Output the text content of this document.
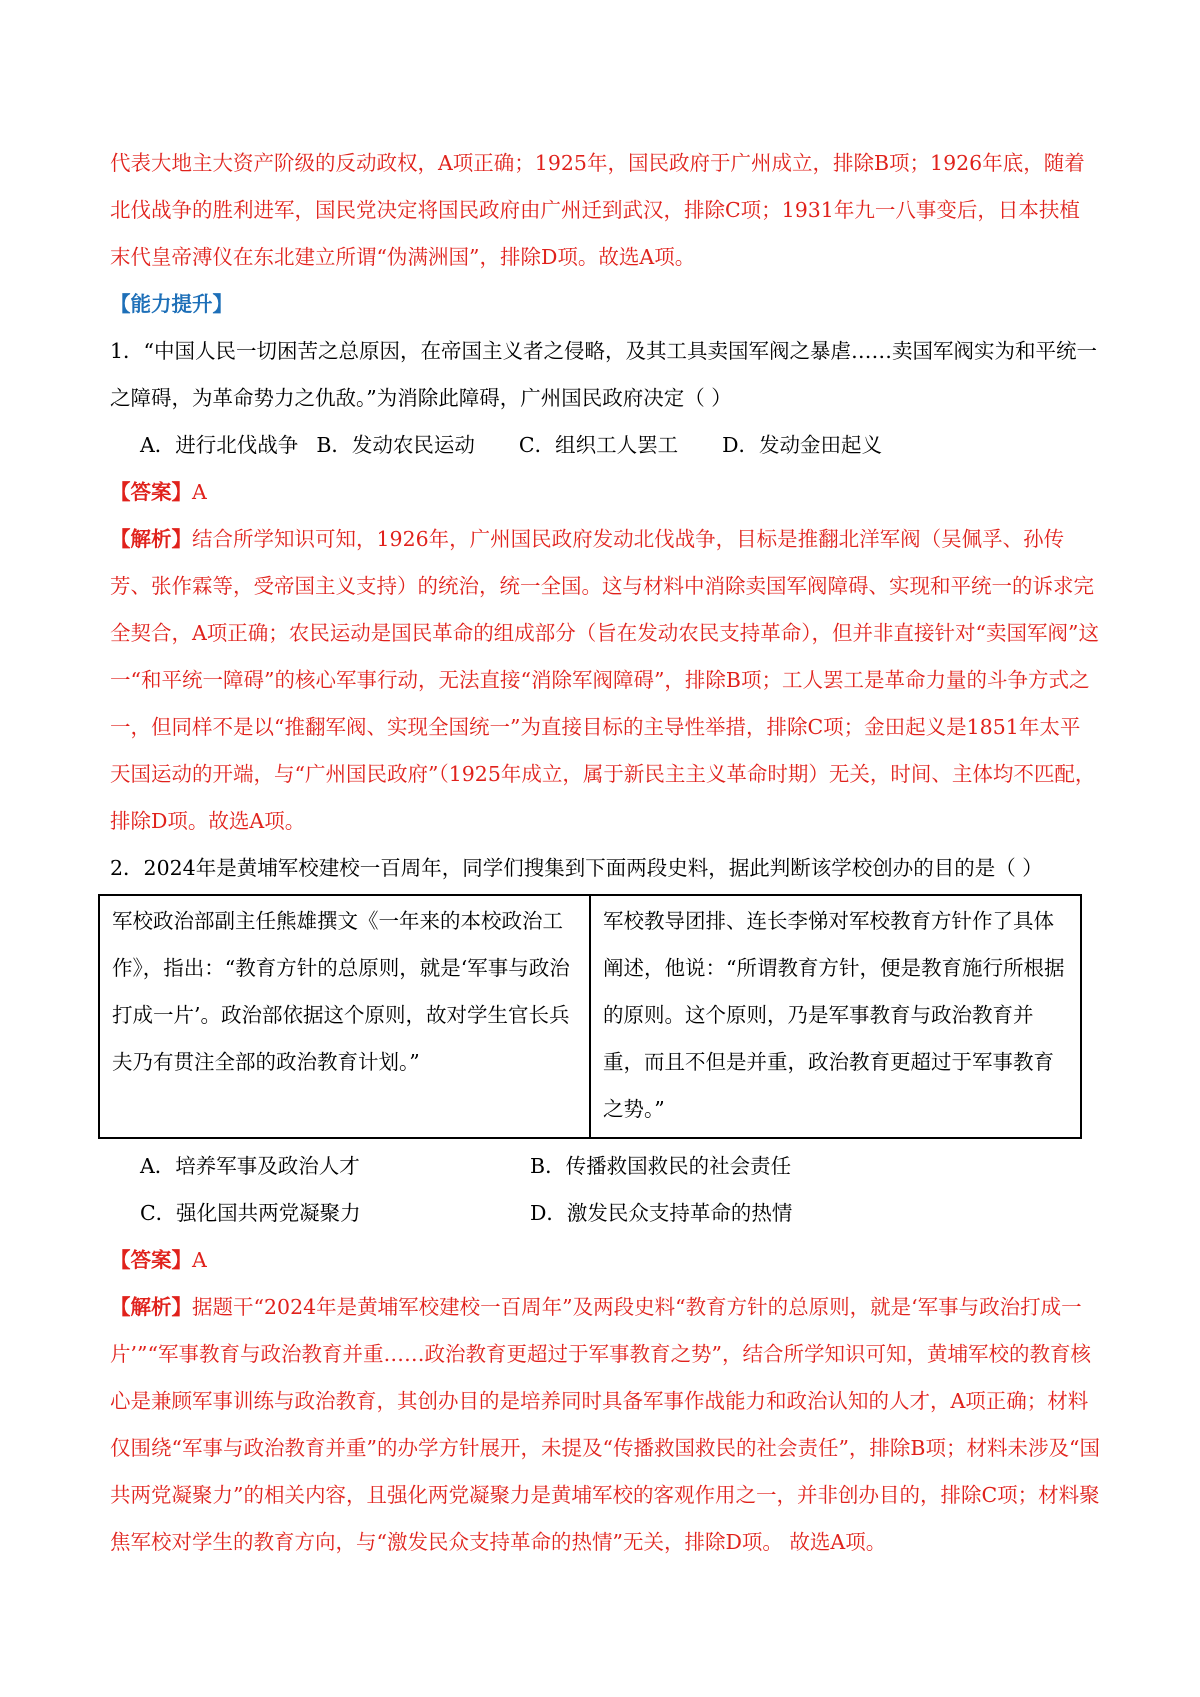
代表大地主大资产阶级的反动政权，A项正确；1925年，国民政府于广州成立，排除B项；1926年底，随着北伐战争的胜利进军，国民党决定将国民政府由广州迁到武汉，排除C项；1931年九一八事变后，日本扶植末代皇帝溥仪在东北建立所谓“伪满洲国”，排除D项。故选A项。

【能力提升】

1．“中国人民一切困苦之总原因，在帝国主义者之侵略，及其工具卖国军阀之暴虐……卖国军阀实为和平统一之障碍，为革命势力之仇敌。”为消除此障碍，广州国民政府决定（ ）

A．进行北伐战争 B．发动农民运动 C．组织工人罢工 D．发动金田起义

【答案】A

【解析】结合所学知识可知，1926年，广州国民政府发动北伐战争，目标是推翻北洋军阀（吴佩孚、孙传芳、张作霖等，受帝国主义支持）的统治，统一全国。这与材料中消除卖国军阀障碍、实现和平统一的诉求完全契合，A项正确；农民运动是国民革命的组成部分（旨在发动农民支持革命），但并非直接针对“卖国军阀”这一“和平统一障碍”的核心军事行动，无法直接“消除军阀障碍”，排除B项；工人罢工是革命力量的斗争方式之一，但同样不是以“推翻军阀、实现全国统一”为直接目标的主导性举措，排除C项；金田起义是1851年太平天国运动的开端，与“广州国民政府”（1925年成立，属于新民主主义革命时期）无关，时间、主体均不匹配，排除D项。故选A项。

2．2024年是黄埔军校建校一百周年，同学们搜集到下面两段史料，据此判断该学校创办的目的是（ ）

军校政治部副主任熊雄撰文《一年来的本校政治工作》，指出：“教育方针的总原则，就是‘军事与政治打成一片’。政治部依据这个原则，故对学生官长兵夫乃有贯注全部的政治教育计划。”	军校教导团排、连长李悌对军校教育方针作了具体阐述，他说：“所谓教育方针，便是教育施行所根据的原则。这个原则，乃是军事教育与政治教育并重，而且不但是并重，政治教育更超过于军事教育之势。”
A．培养军事及政治人才	B．传播救国救民的社会责任
C．强化国共两党凝聚力	D．激发民众支持革命的热情

【答案】A

【解析】据题干“2024年是黄埔军校建校一百周年”及两段史料“教育方针的总原则，就是‘军事与政治打成一片’”“军事教育与政治教育并重……政治教育更超过于军事教育之势”，结合所学知识可知，黄埔军校的教育核心是兼顾军事训练与政治教育，其创办目的是培养同时具备军事作战能力和政治认知的人才，A项正确；材料仅围绕“军事与政治教育并重”的办学方针展开，未提及“传播救国救民的社会责任”，排除B项；材料未涉及“国共两党凝聚力”的相关内容，且强化两党凝聚力是黄埔军校的客观作用之一，并非创办目的，排除C项；材料聚焦军校对学生的教育方向，与“激发民众支持革命的热情”无关，排除D项。 故选A项。
